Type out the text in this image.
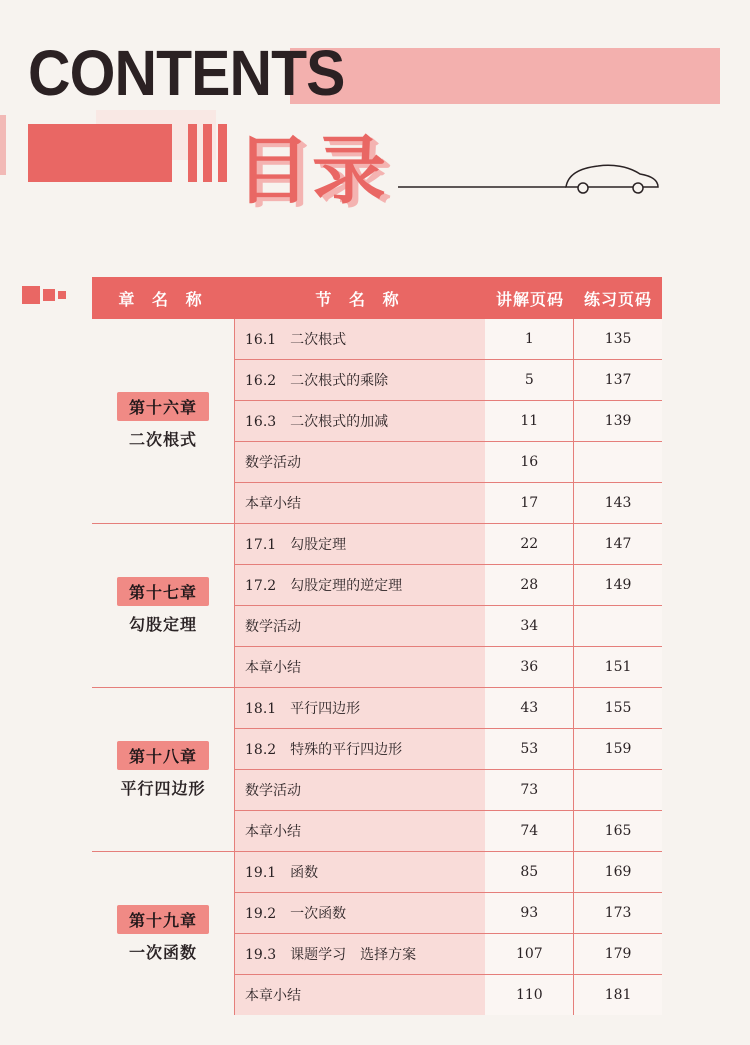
CONTENTS
目录
章 名 称	节 名 称	讲解页码	练习页码
第十六章
二次根式
16.1　二次根式	1	135
16.2　二次根式的乘除	5	137
16.3　二次根式的加减	11	139
数学活动	16
本章小结	17	143
第十七章
勾股定理
17.1　勾股定理	22	147
17.2　勾股定理的逆定理	28	149
数学活动	34
本章小结	36	151
第十八章
平行四边形
18.1　平行四边形	43	155
18.2　特殊的平行四边形	53	159
数学活动	73
本章小结	74	165
第十九章
一次函数
19.1　函数	85	169
19.2　一次函数	93	173
19.3　课题学习　选择方案	107	179
本章小结	110	181
